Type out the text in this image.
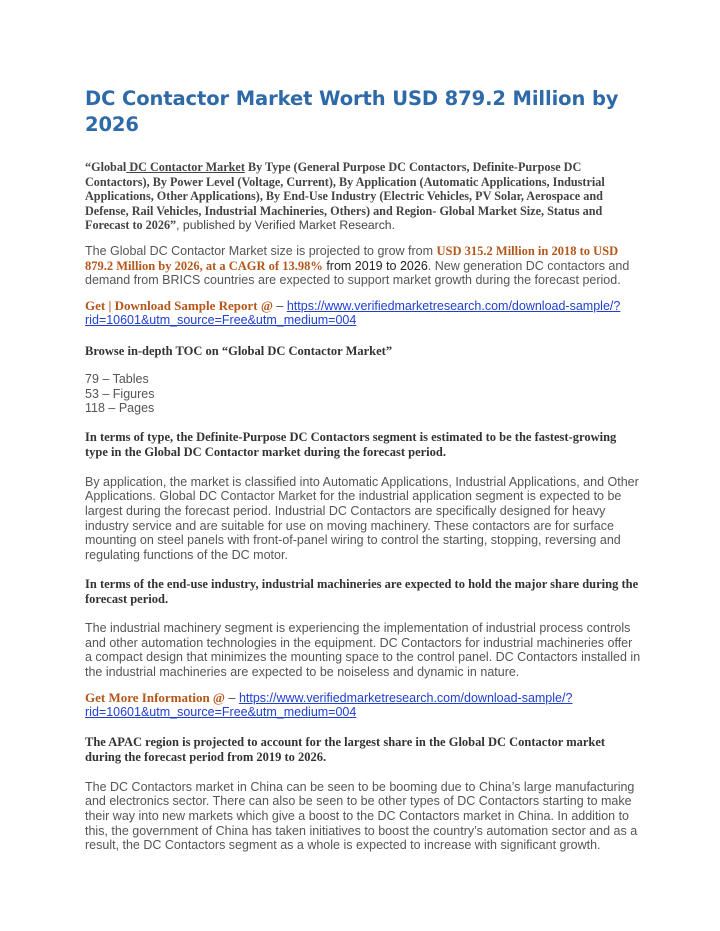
DC Contactor Market Worth USD 879.2 Million by 2026

“Global DC Contactor Market By Type (General Purpose DC Contactors, Definite-Purpose DC Contactors), By Power Level (Voltage, Current), By Application (Automatic Applications, Industrial Applications, Other Applications), By End-Use Industry (Electric Vehicles, PV Solar, Aerospace and Defense, Rail Vehicles, Industrial Machineries, Others) and Region- Global Market Size, Status and Forecast to 2026”, published by Verified Market Research.

The Global DC Contactor Market size is projected to grow from USD 315.2 Million in 2018 to USD 879.2 Million by 2026, at a CAGR of 13.98% from 2019 to 2026. New generation DC contactors and demand from BRICS countries are expected to support market growth during the forecast period.

Get | Download Sample Report @ – https://www.verifiedmarketresearch.com/download-sample/?rid=10601&utm_source=Free&utm_medium=004

Browse in-depth TOC on “Global DC Contactor Market”

79 – Tables
53 – Figures
118 – Pages

In terms of type, the Definite-Purpose DC Contactors segment is estimated to be the fastest-growing type in the Global DC Contactor market during the forecast period.

By application, the market is classified into Automatic Applications, Industrial Applications, and Other Applications. Global DC Contactor Market for the industrial application segment is expected to be largest during the forecast period. Industrial DC Contactors are specifically designed for heavy industry service and are suitable for use on moving machinery. These contactors are for surface mounting on steel panels with front-of-panel wiring to control the starting, stopping, reversing and regulating functions of the DC motor.

In terms of the end-use industry, industrial machineries are expected to hold the major share during the forecast period.

The industrial machinery segment is experiencing the implementation of industrial process controls and other automation technologies in the equipment. DC Contactors for industrial machineries offer a compact design that minimizes the mounting space to the control panel. DC Contactors installed in the industrial machineries are expected to be noiseless and dynamic in nature.

Get More Information @ – https://www.verifiedmarketresearch.com/download-sample/?rid=10601&utm_source=Free&utm_medium=004

The APAC region is projected to account for the largest share in the Global DC Contactor market during the forecast period from 2019 to 2026.

The DC Contactors market in China can be seen to be booming due to China’s large manufacturing and electronics sector. There can also be seen to be other types of DC Contactors starting to make their way into new markets which give a boost to the DC Contactors market in China. In addition to this, the government of China has taken initiatives to boost the country’s automation sector and as a result, the DC Contactors segment as a whole is expected to increase with significant growth.
